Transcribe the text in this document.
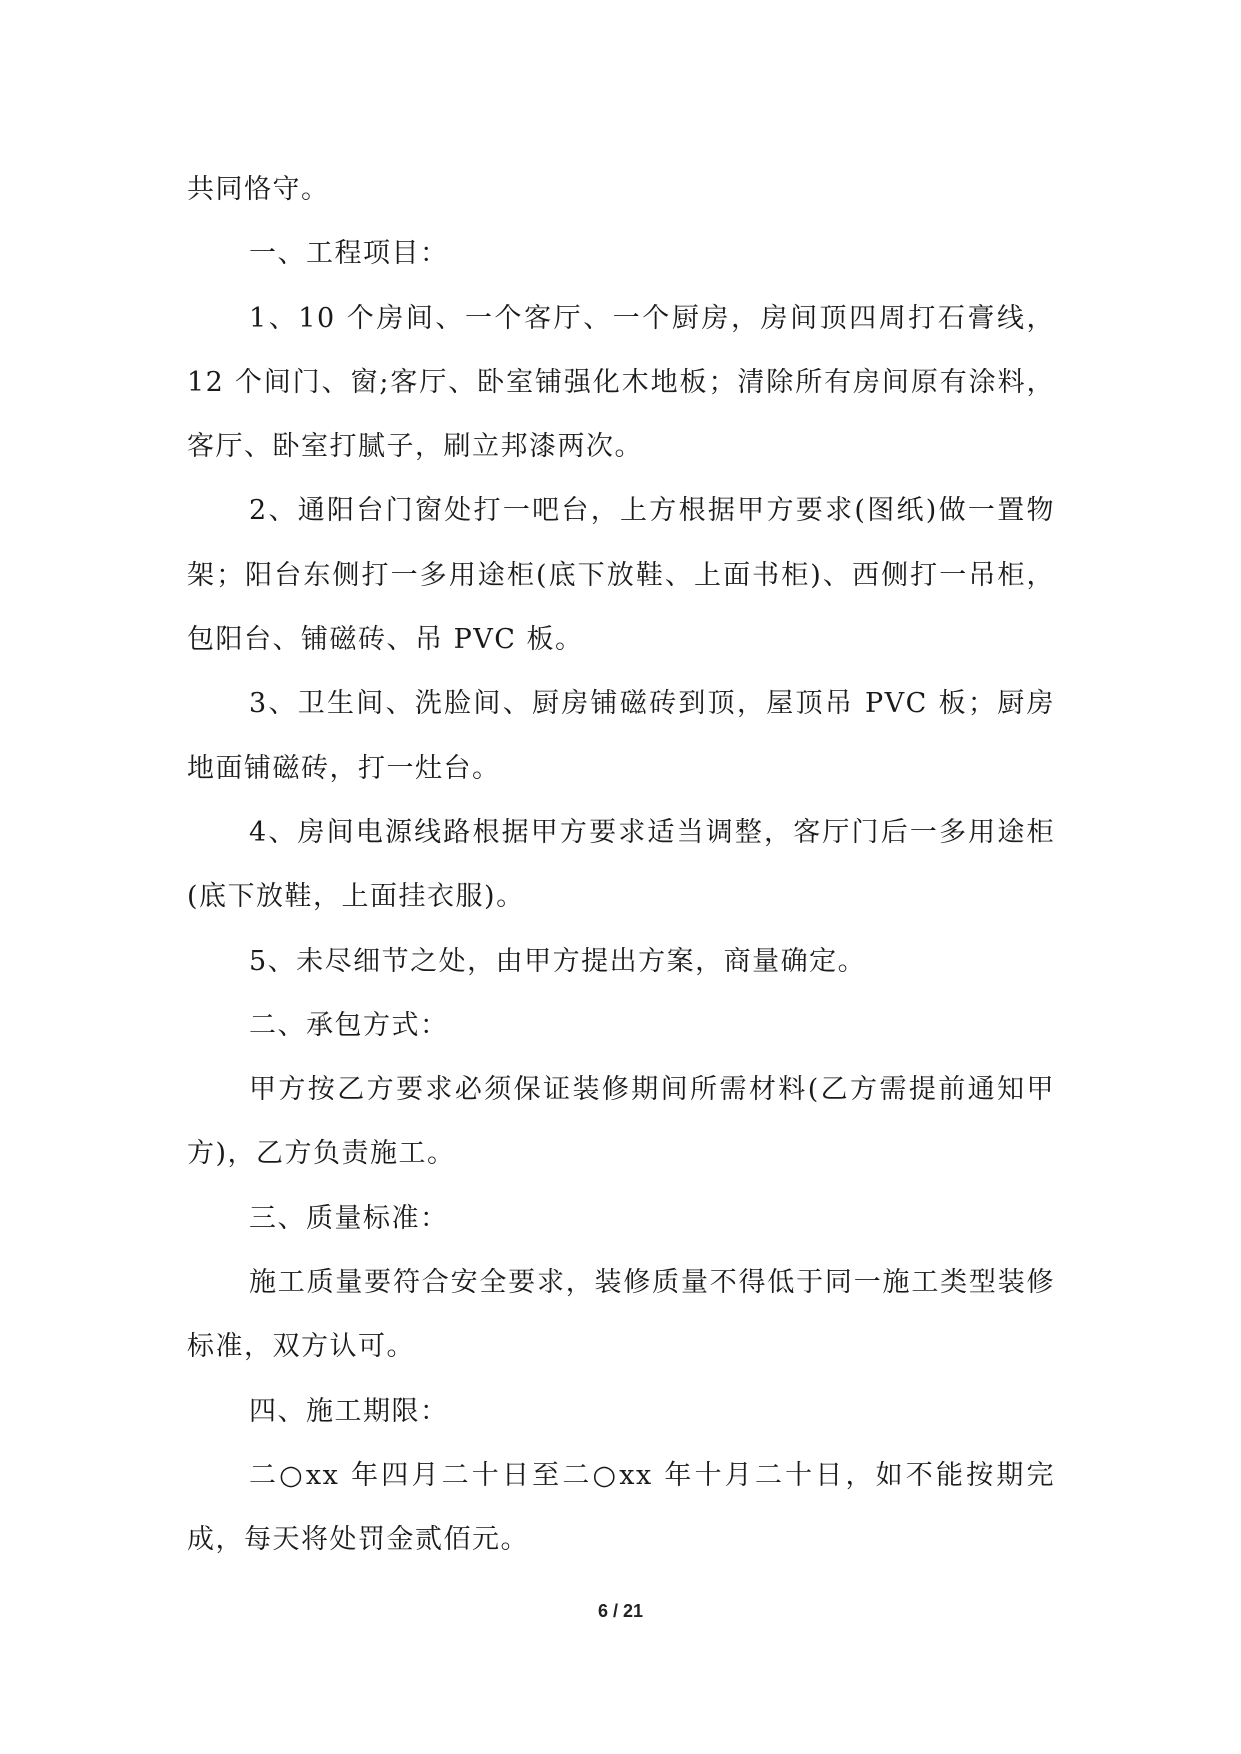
共同恪守。

一、工程项目：

1、10 个房间、一个客厅、一个厨房，房间顶四周打石膏线，12 个间门、窗;客厅、卧室铺强化木地板；清除所有房间原有涂料，客厅、卧室打腻子，刷立邦漆两次。

2、通阳台门窗处打一吧台，上方根据甲方要求(图纸)做一置物架；阳台东侧打一多用途柜(底下放鞋、上面书柜)、西侧打一吊柜，包阳台、铺磁砖、吊 PVC 板。

3、卫生间、洗脸间、厨房铺磁砖到顶，屋顶吊 PVC 板；厨房地面铺磁砖，打一灶台。

4、房间电源线路根据甲方要求适当调整，客厅门后一多用途柜(底下放鞋，上面挂衣服)。

5、未尽细节之处，由甲方提出方案，商量确定。

二、承包方式：

甲方按乙方要求必须保证装修期间所需材料(乙方需提前通知甲方)，乙方负责施工。

三、质量标准：

施工质量要符合安全要求，装修质量不得低于同一施工类型装修标准，双方认可。

四、施工期限：

二○xx 年四月二十日至二○xx 年十月二十日，如不能按期完成，每天将处罚金贰佰元。

6 / 21
